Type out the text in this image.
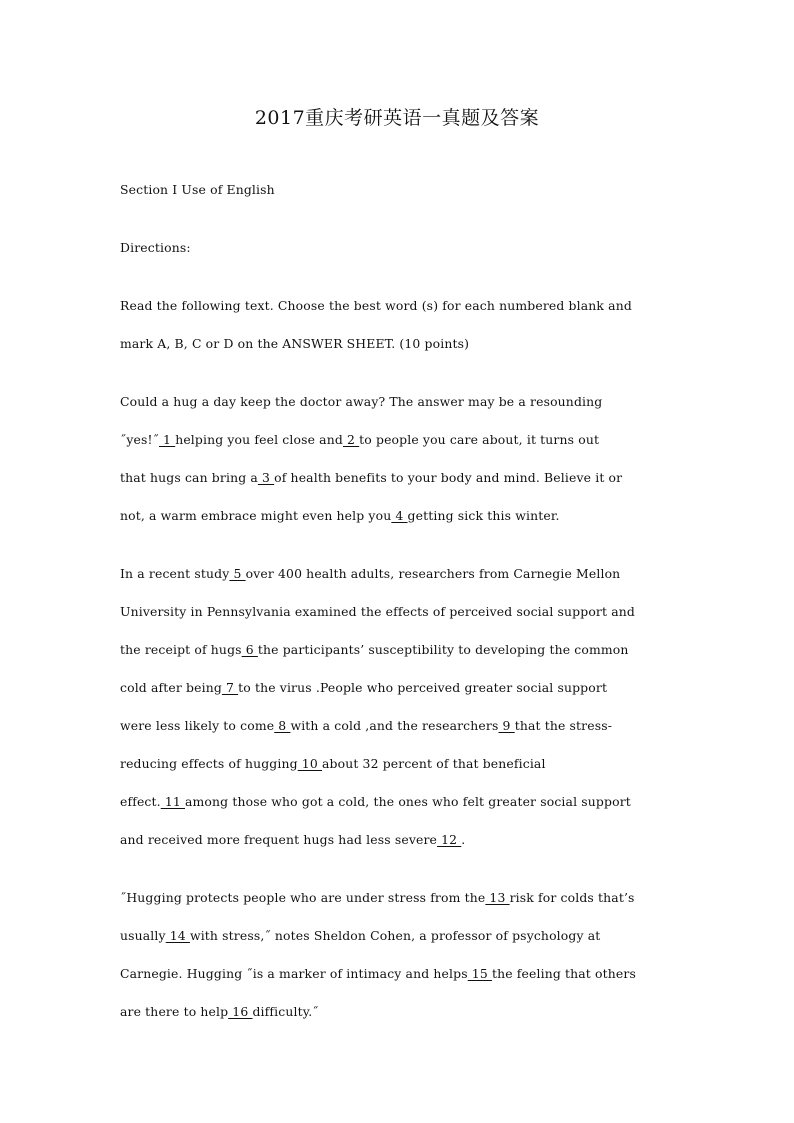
2017重庆考研英语一真题及答案
Section I Use of English
Directions:
Read the following text. Choose the best word (s) for each numbered blank and
mark A, B, C or D on the ANSWER SHEET. (10 points)
Could a hug a day keep the doctor away? The answer may be a resounding
˝yes!˝ 1 helping you feel close and 2 to people you care about, it turns out
that hugs can bring a 3 of health benefits to your body and mind. Believe it or
not, a warm embrace might even help you 4 getting sick this winter.
In a recent study 5 over 400 health adults, researchers from Carnegie Mellon
University in Pennsylvania examined the effects of perceived social support and
the receipt of hugs 6 the participants’ susceptibility to developing the common
cold after being 7 to the virus .People who perceived greater social support
were less likely to come 8 with a cold ,and the researchers 9 that the stress-
reducing effects of hugging 10 about 32 percent of that beneficial
effect. 11 among those who got a cold, the ones who felt greater social support
and received more frequent hugs had less severe 12 .
˝Hugging protects people who are under stress from the 13 risk for colds that’s
usually 14 with stress,˝ notes Sheldon Cohen, a professor of psychology at
Carnegie. Hugging ˝is a marker of intimacy and helps 15 the feeling that others
are there to help 16 difficulty.˝
